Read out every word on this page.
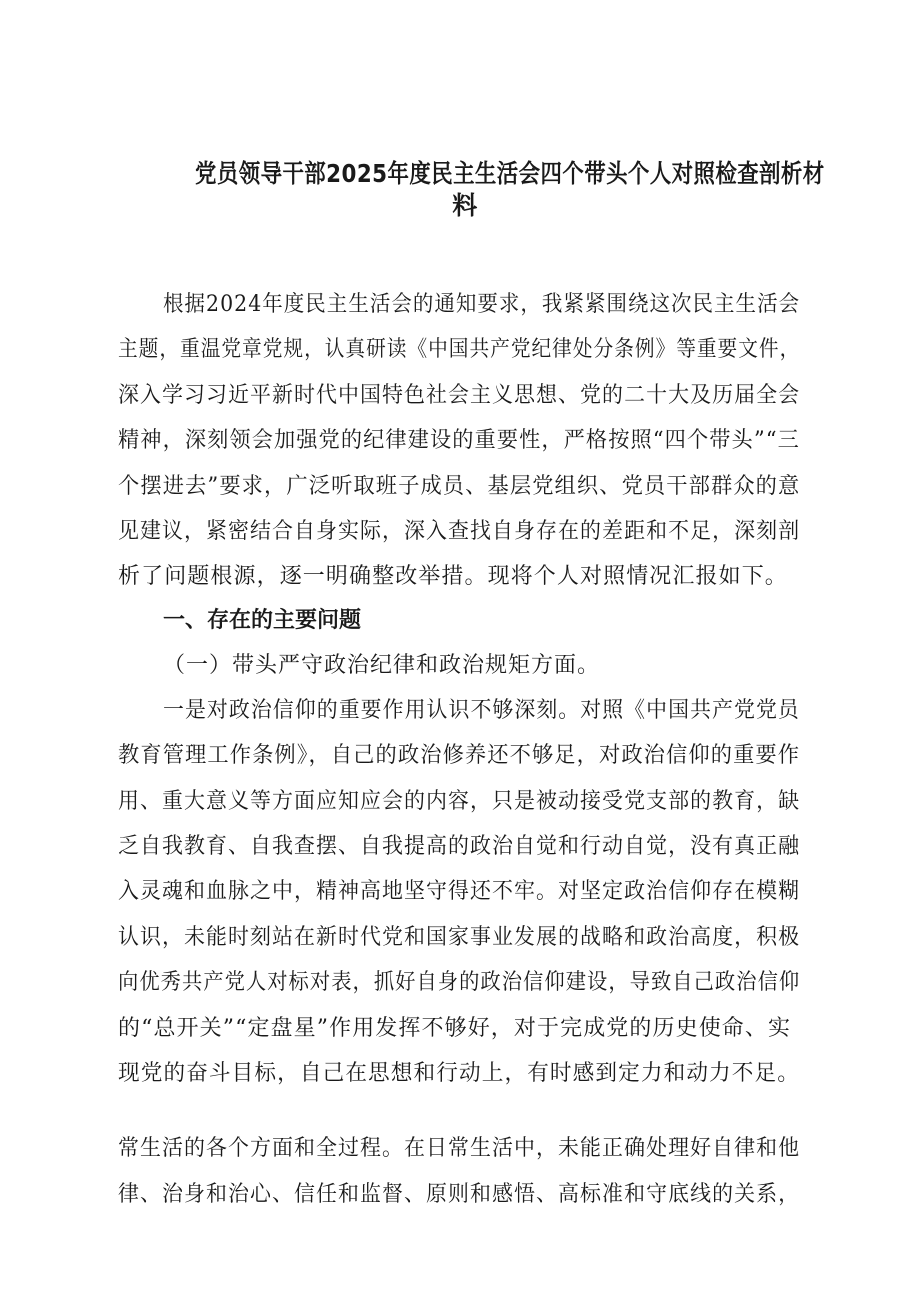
党员领导干部2025年度民主生活会四个带头个人对照检查剖析材
料
根据2024年度民主生活会的通知要求，我紧紧围绕这次民主生活会
主题，重温党章党规，认真研读《中国共产党纪律处分条例》等重要文件，
深入学习习近平新时代中国特色社会主义思想、党的二十大及历届全会
精神，深刻领会加强党的纪律建设的重要性，严格按照“四个带头”“三
个摆进去”要求，广泛听取班子成员、基层党组织、党员干部群众的意
见建议，紧密结合自身实际，深入查找自身存在的差距和不足，深刻剖
析了问题根源，逐一明确整改举措。现将个人对照情况汇报如下。
一、存在的主要问题
（一）带头严守政治纪律和政治规矩方面。
一是对政治信仰的重要作用认识不够深刻。对照《中国共产党党员
教育管理工作条例》，自己的政治修养还不够足，对政治信仰的重要作
用、重大意义等方面应知应会的内容，只是被动接受党支部的教育，缺
乏自我教育、自我查摆、自我提高的政治自觉和行动自觉，没有真正融
入灵魂和血脉之中，精神高地坚守得还不牢。对坚定政治信仰存在模糊
认识，未能时刻站在新时代党和国家事业发展的战略和政治高度，积极
向优秀共产党人对标对表，抓好自身的政治信仰建设，导致自己政治信仰
的“总开关”“定盘星”作用发挥不够好，对于完成党的历史使命、实
现党的奋斗目标，自己在思想和行动上，有时感到定力和动力不足。
常生活的各个方面和全过程。在日常生活中，未能正确处理好自律和他
律、治身和治心、信任和监督、原则和感悟、高标准和守底线的关系，
